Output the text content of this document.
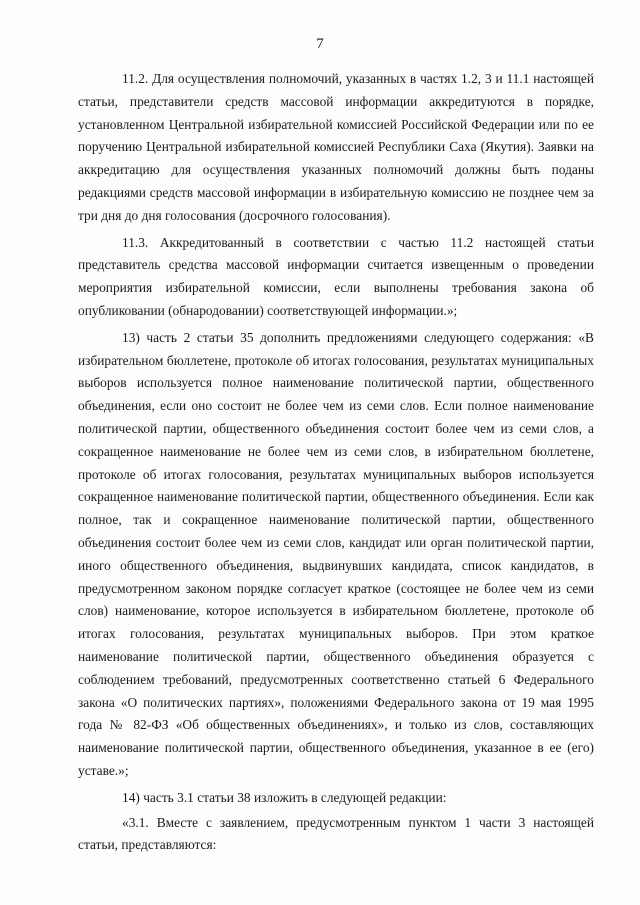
7

11.2. Для осуществления полномочий, указанных в частях 1.2, 3 и 11.1 настоящей статьи, представители средств массовой информации аккредитуются в порядке, установленном Центральной избирательной комиссией Российской Федерации или по ее поручению Центральной избирательной комиссией Республики Саха (Якутия). Заявки на аккредитацию для осуществления указанных полномочий должны быть поданы редакциями средств массовой информации в избирательную комиссию не позднее чем за три дня до дня голосования (досрочного голосования).

11.3. Аккредитованный в соответствии с частью 11.2 настоящей статьи представитель средства массовой информации считается извещенным о проведении мероприятия избирательной комиссии, если выполнены требования закона об опубликовании (обнародовании) соответствующей информации.»;

13) часть 2 статьи 35 дополнить предложениями следующего содержания: «В избирательном бюллетене, протоколе об итогах голосования, результатах муниципальных выборов используется полное наименование политической партии, общественного объединения, если оно состоит не более чем из семи слов. Если полное наименование политической партии, общественного объединения состоит более чем из семи слов, а сокращенное наименование не более чем из семи слов, в избирательном бюллетене, протоколе об итогах голосования, результатах муниципальных выборов используется сокращенное наименование политической партии, общественного объединения. Если как полное, так и сокращенное наименование политической партии, общественного объединения состоит более чем из семи слов, кандидат или орган политической партии, иного общественного объединения, выдвинувших кандидата, список кандидатов, в предусмотренном законом порядке согласует краткое (состоящее не более чем из семи слов) наименование, которое используется в избирательном бюллетене, протоколе об итогах голосования, результатах муниципальных выборов. При этом краткое наименование политической партии, общественного объединения образуется с соблюдением требований, предусмотренных соответственно статьей 6 Федерального закона «О политических партиях», положениями Федерального закона от 19 мая 1995 года № 82-ФЗ «Об общественных объединениях», и только из слов, составляющих наименование политической партии, общественного объединения, указанное в ее (его) уставе.»;

14) часть 3.1 статьи 38 изложить в следующей редакции:

«3.1. Вместе с заявлением, предусмотренным пунктом 1 части 3 настоящей статьи, представляются:
